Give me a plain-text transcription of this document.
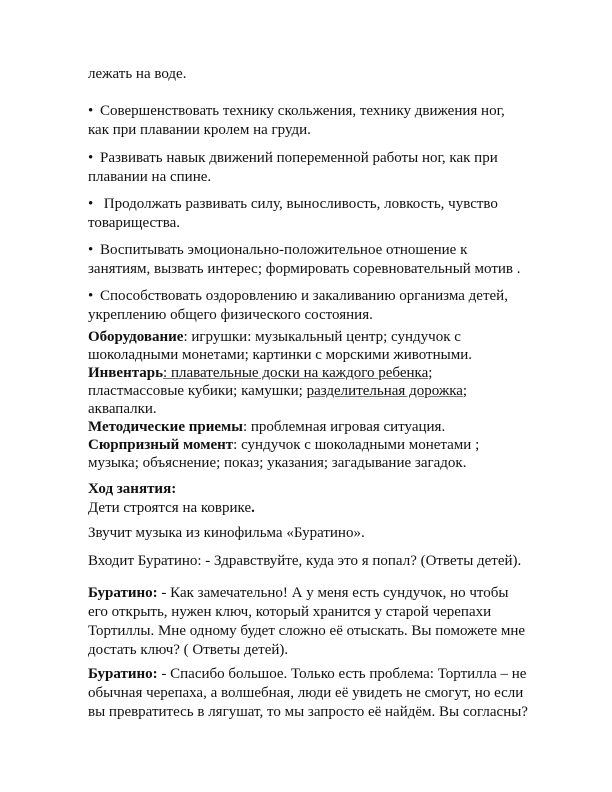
лежать на воде.

• Совершенствовать технику скольжения, технику движения ног, как при плавании кролем на груди.

• Развивать навык движений попеременной работы ног, как при плавании на спине.

• Продолжать развивать силу, выносливость, ловкость, чувство товарищества.

• Воспитывать эмоционально-положительное отношение к занятиям, вызвать интерес; формировать соревновательный мотив .

• Способствовать оздоровлению и закаливанию организма детей, укреплению общего физического состояния.

Оборудование: игрушки: музыкальный центр; сундучок с шоколадными монетами; картинки с морскими животными.
Инвентарь: плавательные доски на каждого ребенка; пластмассовые кубики; камушки; разделительная дорожка; аквапалки.
Методические приемы: проблемная игровая ситуация.
Сюрпризный момент: сундучок с шоколадными монетами ; музыка; объяснение; показ; указания; загадывание загадок.
Ход занятия:
Дети строятся на коврике.

Звучит музыка из кинофильма «Буратино».

Входит Буратино: - Здравствуйте, куда это я попал? (Ответы детей).

Буратино: - Как замечательно! А у меня есть сундучок, но чтобы его открыть, нужен ключ, который хранится у старой черепахи Тортиллы. Мне одному будет сложно её отыскать. Вы поможете мне достать ключ? ( Ответы детей).

Буратино: - Спасибо большое. Только есть проблема: Тортилла – не обычная черепаха, а волшебная, люди её увидеть не смогут, но если вы превратитесь в лягушат, то мы запросто её найдём. Вы согласны?
